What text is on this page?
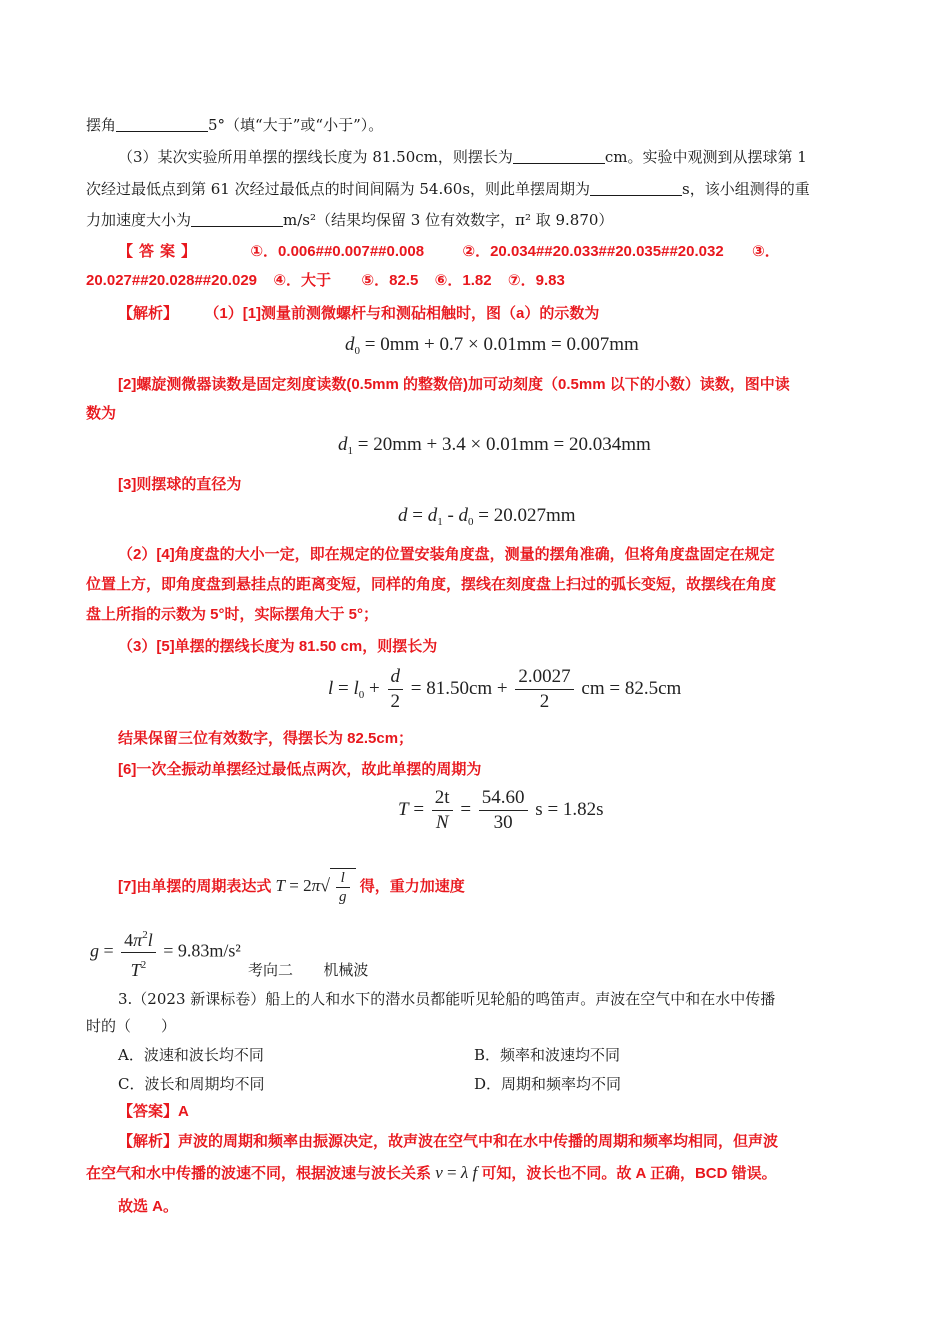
摆角	5°（填“大于”或“小于”）。
（3）某次实验所用单摆的摆线长度为 81.50cm，则摆长为	cm。实验中观测到从摆球第 1
次经过最低点到第 61 次经过最低点的时间间隔为 54.60s，则此单摆周期为	s，该小组测得的重
力加速度大小为	m/s²（结果均保留 3 位有效数字，π² 取 9.870）
【答案】	①．0.006##0.007##0.008	②．20.034##20.033##20.035##20.032 ③．
20.027##20.028##20.029 ④．大于 ⑤．82.5 ⑥．1.82 ⑦．9.83
【解析】 （1）[1]测量前测微螺杆与和测砧相触时，图（a）的示数为
$d_0 = 0mm + 0.7 \times 0.01mm = 0.007mm$
[2]螺旋测微器读数是固定刻度读数(0.5mm 的整数倍)加可动刻度（0.5mm 以下的小数）读数，图中读
数为
$d_1 = 20mm + 3.4 \times 0.01mm = 20.034mm$
[3]则摆球的直径为
$d = d_1 - d_0 = 20.027mm$
（2）[4]角度盘的大小一定，即在规定的位置安装角度盘，测量的摆角准确，但将角度盘固定在规定
位置上方，即角度盘到悬挂点的距离变短，同样的角度，摆线在刻度盘上扫过的弧长变短，故摆线在角度
盘上所指的示数为 5°时，实际摆角大于 5°；
（3）[5]单摆的摆线长度为 81.50 cm，则摆长为
$l = l_0 + \frac{d}{2} = 81.50cm + \frac{2.0027}{2}$ cm = 82.5cm
结果保留三位有效数字，得摆长为 82.5cm；
[6]一次全振动单摆经过最低点两次，故此单摆的周期为
$T = \frac{2t}{N} = \frac{54.60}{30}$ s = 1.82s
[7]由单摆的周期表达式 $T = 2\pi√ \frac{l}{g}$ 得，重力加速度
$g = \frac{4\pi^2l}{T^2} = 9.83m/s^2$
考向二 机械波
3.（2023 新课标卷）船上的人和水下的潜水员都能听见轮船的鸣笛声。声波在空气中和在水中传播
时的（　　）
A．波速和波长均不同	B．频率和波速均不同
C．波长和周期均不同	D．周期和频率均不同
【答案】A
【解析】声波的周期和频率由振源决定，故声波在空气中和在水中传播的周期和频率均相同，但声波
在空气和水中传播的波速不同，根据波速与波长关系 v = λ f 可知，波长也不同。故 A 正确，BCD 错误。
故选 A。
